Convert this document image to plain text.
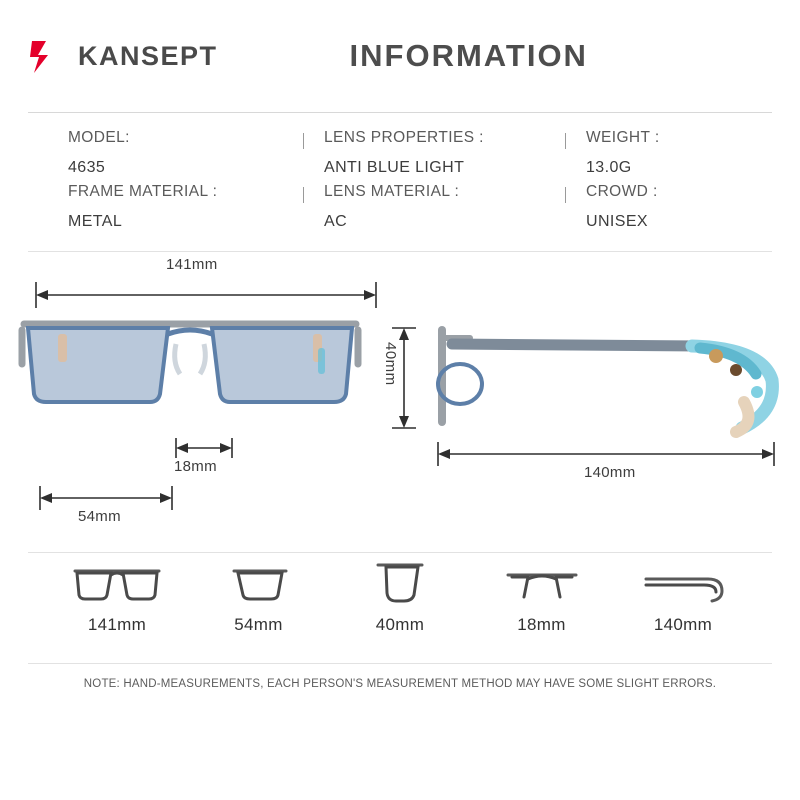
KANSEPT	INFORMATION
MODEL:
4635
LENS PROPERTIES :
ANTI BLUE LIGHT
WEIGHT :
13.0G
FRAME MATERIAL :
METAL
LENS MATERIAL :
AC
CROWD :
UNISEX
141mm
18mm
54mm
40mm
140mm
141mm	54mm	40mm	18mm	140mm
NOTE: HAND-MEASUREMENTS, EACH PERSON'S MEASUREMENT METHOD MAY HAVE SOME SLIGHT ERRORS.
